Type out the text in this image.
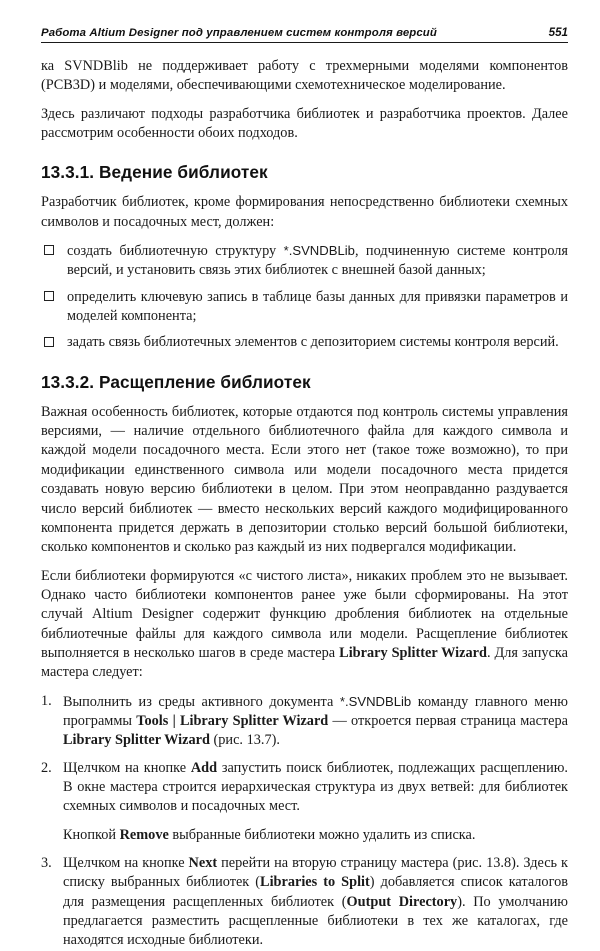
Работа Altium Designer под управлением систем контроля версий	551

ка SVNDBlib не поддерживает работу с трехмерными моделями компонентов (PCB3D) и моделями, обеспечивающими схемотехническое моделирование.

Здесь различают подходы разработчика библиотек и разработчика проектов. Далее рассмотрим особенности обоих подходов.

13.3.1. Ведение библиотек

Разработчик библиотек, кроме формирования непосредственно библиотеки схемных символов и посадочных мест, должен:

создать библиотечную структуру *.SVNDBLib, подчиненную системе контроля версий, и установить связь этих библиотек с внешней базой данных;
определить ключевую запись в таблице базы данных для привязки параметров и моделей компонента;
задать связь библиотечных элементов с депозиторием системы контроля версий.
13.3.2. Расщепление библиотек

Важная особенность библиотек, которые отдаются под контроль системы управления версиями, — наличие отдельного библиотечного файла для каждого символа и каждой модели посадочного места. Если этого нет (такое тоже возможно), то при модификации единственного символа или модели посадочного места придется создавать новую версию библиотеки в целом. При этом неоправданно раздувается число версий библиотек — вместо нескольких версий каждого модифицированного компонента придется держать в депозитории столько версий большой библиотеки, сколько компонентов и сколько раз каждый из них подвергался модификации.

Если библиотеки формируются «с чистого листа», никаких проблем это не вызывает. Однако часто библиотеки компонентов ранее уже были сформированы. На этот случай Altium Designer содержит функцию дробления библиотек на отдельные библиотечные файлы для каждого символа или модели. Расщепление библиотек выполняется в несколько шагов в среде мастера Library Splitter Wizard. Для запуска мастера следует:

1. Выполнить из среды активного документа *.SVNDBLib команду главного меню программы Tools | Library Splitter Wizard — откроется первая страница мастера Library Splitter Wizard (рис. 13.7).
2. Щелчком на кнопке Add запустить поиск библиотек, подлежащих расщеплению. В окне мастера строится иерархическая структура из двух ветвей: для библиотек схемных символов и посадочных мест.

Кнопкой Remove выбранные библиотеки можно удалить из списка.

3. Щелчком на кнопке Next перейти на вторую страницу мастера (рис. 13.8). Здесь к списку выбранных библиотек (Libraries to Split) добавляется список каталогов для размещения расщепленных библиотек (Output Directory). По умолчанию предлагается разместить расщепленные библиотеки в тех же каталогах, где находятся исходные библиотеки.
